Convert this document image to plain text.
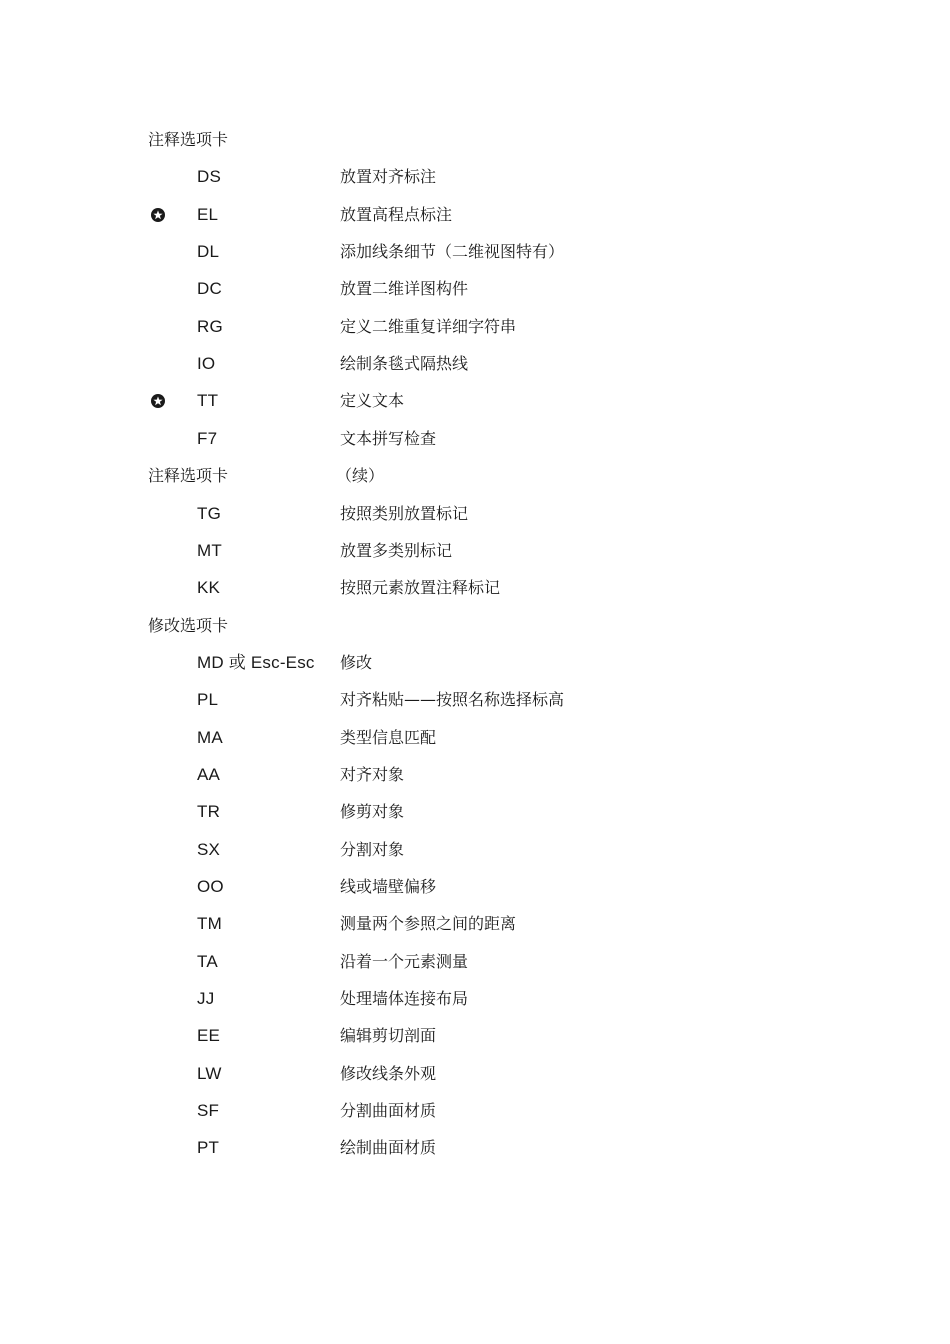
注释选项卡
DS	放置对齐标注
EL	放置高程点标注
DL	添加线条细节（二维视图特有）
DC	放置二维详图构件
RG	定义二维重复详细字符串
IO	绘制条毯式隔热线
TT	定义文本
F7	文本拼写检查
注释选项卡	（续）
TG	按照类别放置标记
MT	放置多类别标记
KK	按照元素放置注释标记
修改选项卡
MD 或 Esc-Esc 修改
PL	对齐粘贴——按照名称选择标高
MA	类型信息匹配
AA	对齐对象
TR	修剪对象
SX	分割对象
OO	线或墙壁偏移
TM	测量两个参照之间的距离
TA	沿着一个元素测量
JJ	处理墙体连接布局
EE	编辑剪切剖面
LW	修改线条外观
SF	分割曲面材质
PT	绘制曲面材质
